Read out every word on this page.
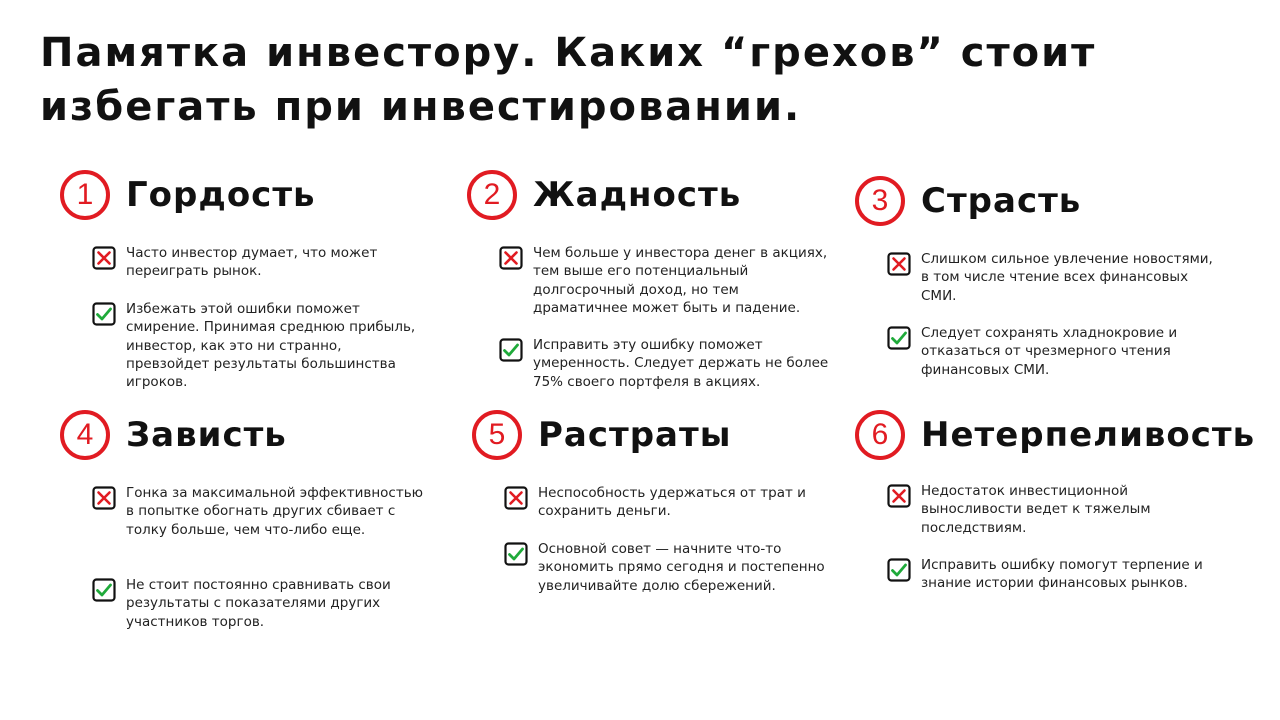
Памятка инвестору. Каких “грехов” стоит избегать при инвестировании.
1 Гордость
Часто инвестор думает, что может переиграть рынок.
Избежать этой ошибки поможет смирение. Принимая среднюю прибыль, инвестор, как это ни странно, превзойдет результаты большинства игроков.
2 Жадность
Чем больше у инвестора денег в акциях, тем выше его потенциальный долгосрочный доход, но тем драматичнее может быть и падение.
Исправить эту ошибку поможет умеренность. Следует держать не более 75% своего портфеля в акциях.
3 Страсть
Слишком сильное увлечение новостями, в том числе чтение всех финансовых СМИ.
Следует сохранять хладнокровие и отказаться от чрезмерного чтения финансовых СМИ.
4 Зависть
Гонка за максимальной эффективностью в попытке обогнать других сбивает с толку больше, чем что-либо еще.
Не стоит постоянно сравнивать свои результаты с показателями других участников торгов.
5 Растраты
Неспособность удержаться от трат и сохранить деньги.
Основной совет — начните что-то экономить прямо сегодня и постепенно увеличивайте долю сбережений.
6 Нетерпеливость
Недостаток инвестиционной выносливости ведет к тяжелым последствиям.
Исправить ошибку помогут терпение и знание истории финансовых рынков.
